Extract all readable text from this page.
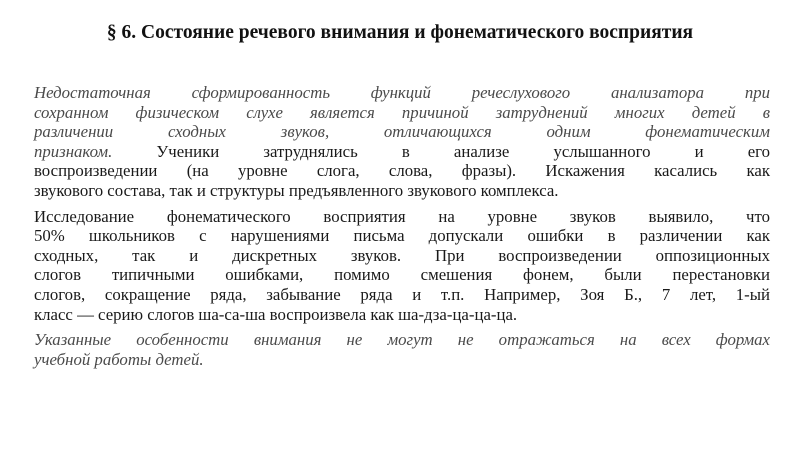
§ 6. Состояние речевого внимания и фонематического восприятия
Недостаточная сформированность функций речеслухового анализатора при
сохранном физическом слухе является причиной затруднений многих детей в
различении сходных звуков, отличающихся одним фонематическим
признаком. Ученики затруднялись в анализе услышанного и его
воспроизведении (на уровне слога, слова, фразы). Искажения касались как
звукового состава, так и структуры предъявленного звукового комплекса.
Исследование фонематического восприятия на уровне звуков выявило, что
50% школьников с нарушениями письма допускали ошибки в различении как
сходных, так и дискретных звуков. При воспроизведении оппозиционных
слогов типичными ошибками, помимо смешения фонем, были перестановки
слогов, сокращение ряда, забывание ряда и т.п. Например, Зоя Б., 7 лет, 1-ый
класс — серию слогов ша-са-ша воспроизвела как ша-дза-ца-ца-ца.
Указанные особенности внимания не могут не отражаться на всех формах
учебной работы детей.
